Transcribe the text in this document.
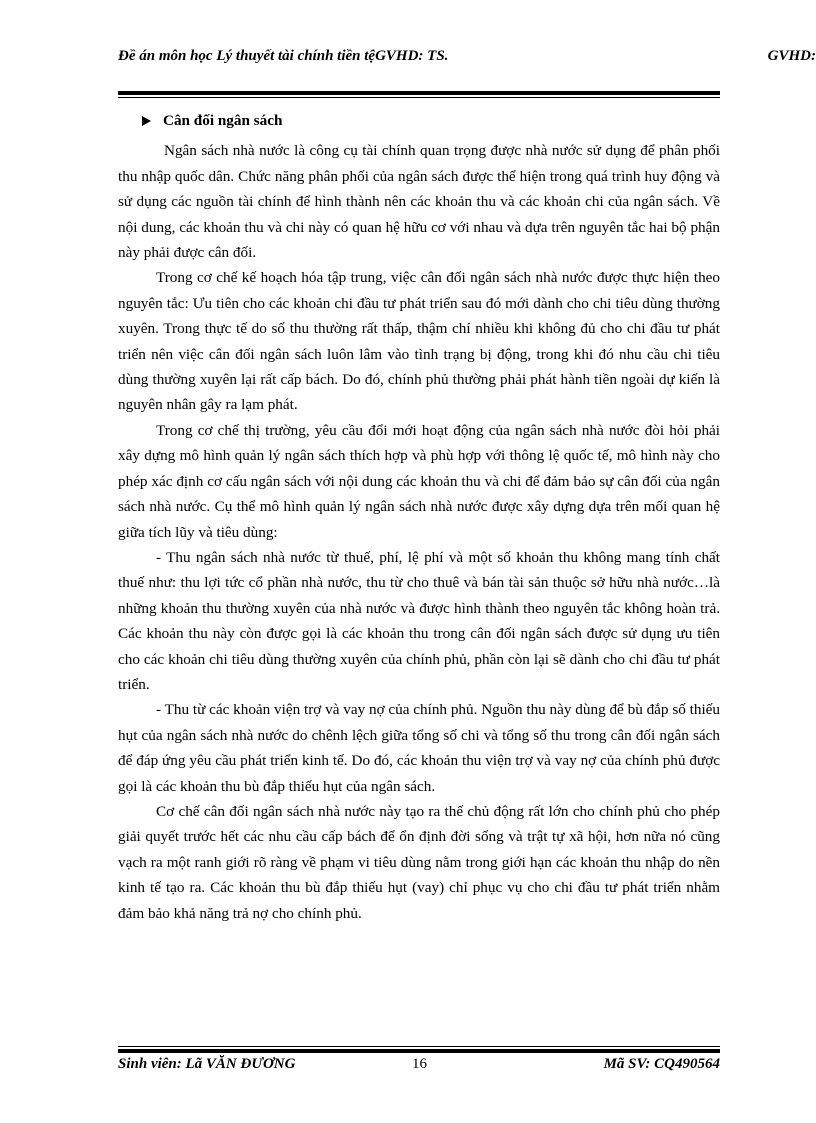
Đề án môn học Lý thuyết tài chính tiền tệGVHD: TS.	GVHD:
Cân đối ngân sách

Ngân sách nhà nước là công cụ tài chính quan trọng được nhà nước sử dụng để phân phối thu nhập quốc dân. Chức năng phân phối của ngân sách được thể hiện trong quá trình huy động và sử dụng các nguồn tài chính để hình thành nên các khoản thu và các khoản chi của ngân sách. Về nội dung, các khoản thu và chi này có quan hệ hữu cơ với nhau và dựa trên nguyên tắc hai bộ phận này phải được cân đối.

Trong cơ chế kế hoạch hóa tập trung, việc cân đối ngân sách nhà nước được thực hiện theo nguyên tắc: Ưu tiên cho các khoản chi đầu tư phát triển sau đó mới dành cho chi tiêu dùng thường xuyên. Trong thực tế do số thu thường rất thấp, thậm chí nhiều khi không đủ cho chi đầu tư phát triển nên việc cân đối ngân sách luôn lâm vào tình trạng bị động, trong khi đó nhu cầu chi tiêu dùng thường xuyên lại rất cấp bách. Do đó, chính phủ thường phải phát hành tiền ngoài dự kiến là nguyên nhân gây ra lạm phát.

Trong cơ chế thị trường, yêu cầu đổi mới hoạt động của ngân sách nhà nước đòi hỏi phải xây dựng mô hình quản lý ngân sách thích hợp và phù hợp với thông lệ quốc tế, mô hình này cho phép xác định cơ cấu ngân sách với nội dung các khoản thu và chi để đảm bảo sự cân đối của ngân sách nhà nước. Cụ thể mô hình quản lý ngân sách nhà nước được xây dựng dựa trên mối quan hệ giữa tích lũy và tiêu dùng:

- Thu ngân sách nhà nước từ thuế, phí, lệ phí và một số khoản thu không mang tính chất thuế như: thu lợi tức cổ phần nhà nước, thu từ cho thuê và bán tài sản thuộc sở hữu nhà nước…là những khoản thu thường xuyên của nhà nước và được hình thành theo nguyên tắc không hoàn trả. Các khoản thu này còn được gọi là các khoản thu trong cân đối ngân sách được sử dụng ưu tiên cho các khoản chi tiêu dùng thường xuyên của chính phủ, phần còn lại sẽ dành cho chi đầu tư phát triển.

- Thu từ các khoản viện trợ và vay nợ của chính phủ. Nguồn thu này dùng để bù đắp số thiếu hụt của ngân sách nhà nước do chênh lệch giữa tổng số chi và tổng số thu trong cân đối ngân sách để đáp ứng yêu cầu phát triển kinh tế. Do đó, các khoản thu viện trợ và vay nợ của chính phủ được gọi là các khoản thu bù đắp thiếu hụt của ngân sách.

Cơ chế cân đối ngân sách nhà nước này tạo ra thế chủ động rất lớn cho chính phủ cho phép giải quyết trước hết các nhu cầu cấp bách để ổn định đời sống và trật tự xã hội, hơn nữa nó cũng vạch ra một ranh giới rõ ràng về phạm vi tiêu dùng nằm trong giới hạn các khoản thu nhập do nền kinh tế tạo ra. Các khoản thu bù đắp thiếu hụt (vay) chỉ phục vụ cho chi đầu tư phát triển nhằm đảm bảo khả năng trả nợ cho chính phủ.

Sinh viên: Lã VĂN ĐƯƠNG	16	Mã SV: CQ490564
